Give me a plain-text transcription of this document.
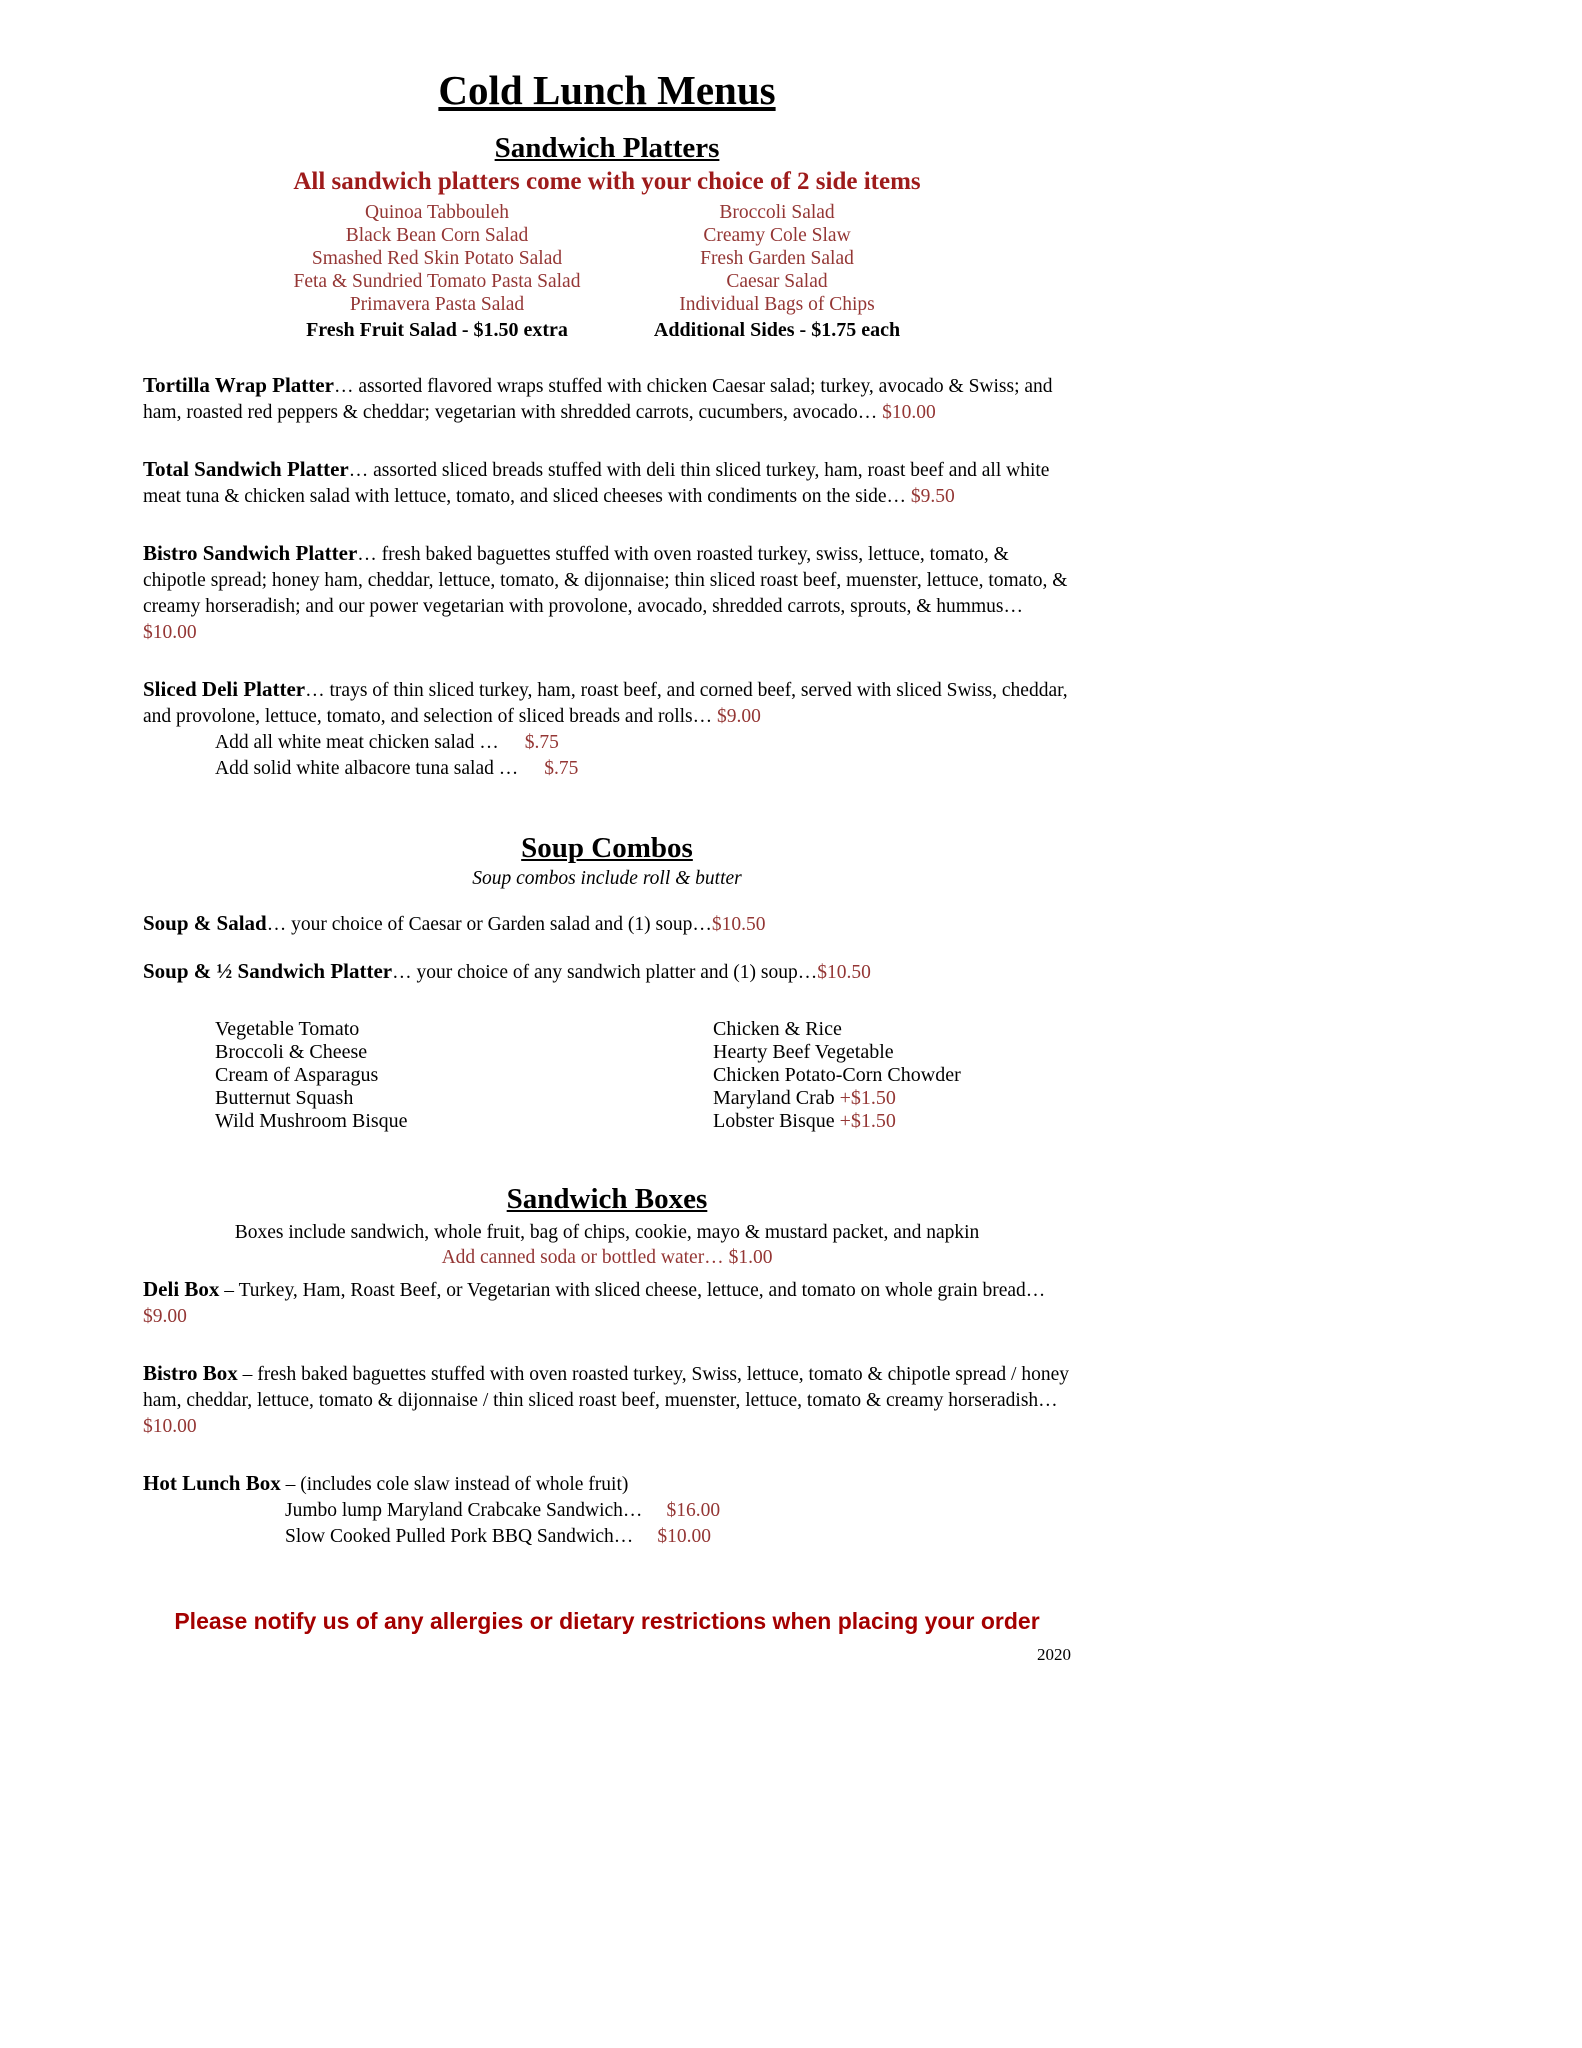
Cold Lunch Menus
Sandwich Platters
All sandwich platters come with your choice of 2 side items
Quinoa Tabbouleh
Black Bean Corn Salad
Smashed Red Skin Potato Salad
Feta & Sundried Tomato Pasta Salad
Primavera Pasta Salad
Broccoli Salad
Creamy Cole Slaw
Fresh Garden Salad
Caesar Salad
Individual Bags of Chips
Fresh Fruit Salad - $1.50 extra	Additional Sides - $1.75 each

Tortilla Wrap Platter… assorted flavored wraps stuffed with chicken Caesar salad; turkey, avocado & Swiss; and ham, roasted red peppers & cheddar; vegetarian with shredded carrots, cucumbers, avocado… $10.00

Total Sandwich Platter… assorted sliced breads stuffed with deli thin sliced turkey, ham, roast beef and all white meat tuna & chicken salad with lettuce, tomato, and sliced cheeses with condiments on the side… $9.50

Bistro Sandwich Platter… fresh baked baguettes stuffed with oven roasted turkey, swiss, lettuce, tomato, & chipotle spread; honey ham, cheddar, lettuce, tomato, & dijonnaise; thin sliced roast beef, muenster, lettuce, tomato, & creamy horseradish; and our power vegetarian with provolone, avocado, shredded carrots, sprouts, & hummus… $10.00

Sliced Deli Platter… trays of thin sliced turkey, ham, roast beef, and corned beef, served with sliced Swiss, cheddar, and provolone, lettuce, tomato, and selection of sliced breads and rolls… $9.00

Add all white meat chicken salad … $.75
Add solid white albacore tuna salad … $.75
Soup Combos
Soup combos include roll & butter

Soup & Salad… your choice of Caesar or Garden salad and (1) soup…$10.50

Soup & ½ Sandwich Platter… your choice of any sandwich platter and (1) soup…$10.50

Vegetable Tomato
Broccoli & Cheese
Cream of Asparagus
Butternut Squash
Wild Mushroom Bisque
Chicken & Rice
Hearty Beef Vegetable
Chicken Potato-Corn Chowder
Maryland Crab +$1.50
Lobster Bisque +$1.50
Sandwich Boxes
Boxes include sandwich, whole fruit, bag of chips, cookie, mayo & mustard packet, and napkin
Add canned soda or bottled water… $1.00

Deli Box – Turkey, Ham, Roast Beef, or Vegetarian with sliced cheese, lettuce, and tomato on whole grain bread… $9.00

Bistro Box – fresh baked baguettes stuffed with oven roasted turkey, Swiss, lettuce, tomato & chipotle spread / honey ham, cheddar, lettuce, tomato & dijonnaise / thin sliced roast beef, muenster, lettuce, tomato & creamy horseradish… $10.00

Hot Lunch Box – (includes cole slaw instead of whole fruit)

Jumbo lump Maryland Crabcake Sandwich… $16.00
Slow Cooked Pulled Pork BBQ Sandwich… $10.00
Please notify us of any allergies or dietary restrictions when placing your order
2020
